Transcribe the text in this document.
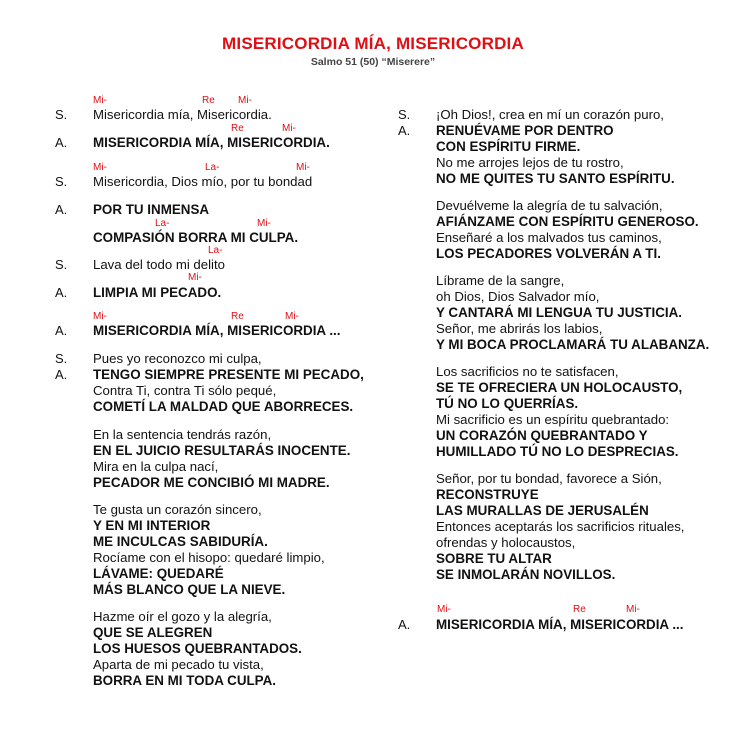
MISERICORDIA MÍA, MISERICORDIA
Salmo 51 (50) “Miserere”
Mi-	Re Mi-
S. Misericordia mía, Misericordia.
Re	Mi-
A. MISERICORDIA MÍA, MISERICORDIA.
Mi-	La-	Mi-
S. Misericordia, Dios mío, por tu bondad
A. POR TU INMENSA
La-	Mi-
COMPASIÓN BORRA MI CULPA.
La-
S. Lava del todo mi delito
Mi-
A. LIMPIA MI PECADO.
Mi-	Re	Mi-
A. MISERICORDIA MÍA, MISERICORDIA ...
S. Pues yo reconozco mi culpa,
A. TENGO SIEMPRE PRESENTE MI PECADO,
Contra Ti, contra Ti sólo pequé,
COMETÍ LA MALDAD QUE ABORRECES.
En la sentencia tendrás razón,
EN EL JUICIO RESULTARÁS INOCENTE.
Mira en la culpa nací,
PECADOR ME CONCIBIÓ MI MADRE.
Te gusta un corazón sincero,
Y EN MI INTERIOR
ME INCULCAS SABIDURÍA.
Rocíame con el hisopo: quedaré limpio,
LÁVAME: QUEDARÉ
MÁS BLANCO QUE LA NIEVE.
Hazme oír el gozo y la alegría,
QUE SE ALEGREN
LOS HUESOS QUEBRANTADOS.
Aparta de mi pecado tu vista,
BORRA EN MI TODA CULPA.
S. ¡Oh Dios!, crea en mí un corazón puro,
A. RENUÉVAME POR DENTRO
CON ESPÍRITU FIRME.
No me arrojes lejos de tu rostro,
NO ME QUITES TU SANTO ESPÍRITU.
Devuélveme la alegría de tu salvación,
AFIÁNZAME CON ESPÍRITU GENEROSO.
Enseñaré a los malvados tus caminos,
LOS PECADORES VOLVERÁN A TI.
Líbrame de la sangre,
oh Dios, Dios Salvador mío,
Y CANTARÁ MI LENGUA TU JUSTICIA.
Señor, me abrirás los labios,
Y MI BOCA PROCLAMARÁ TU ALABANZA.
Los sacrificios no te satisfacen,
SE TE OFRECIERA UN HOLOCAUSTO,
TÚ NO LO QUERRÍAS.
Mi sacrificio es un espíritu quebrantado:
UN CORAZÓN QUEBRANTADO Y
HUMILLADO TÚ NO LO DESPRECIAS.
Señor, por tu bondad, favorece a Sión,
RECONSTRUYE
LAS MURALLAS DE JERUSALÉN
Entonces aceptarás los sacrificios rituales,
ofrendas y holocaustos,
SOBRE TU ALTAR
SE INMOLARÁN NOVILLOS.
Mi-	Re	Mi-
A. MISERICORDIA MÍA, MISERICORDIA ...
